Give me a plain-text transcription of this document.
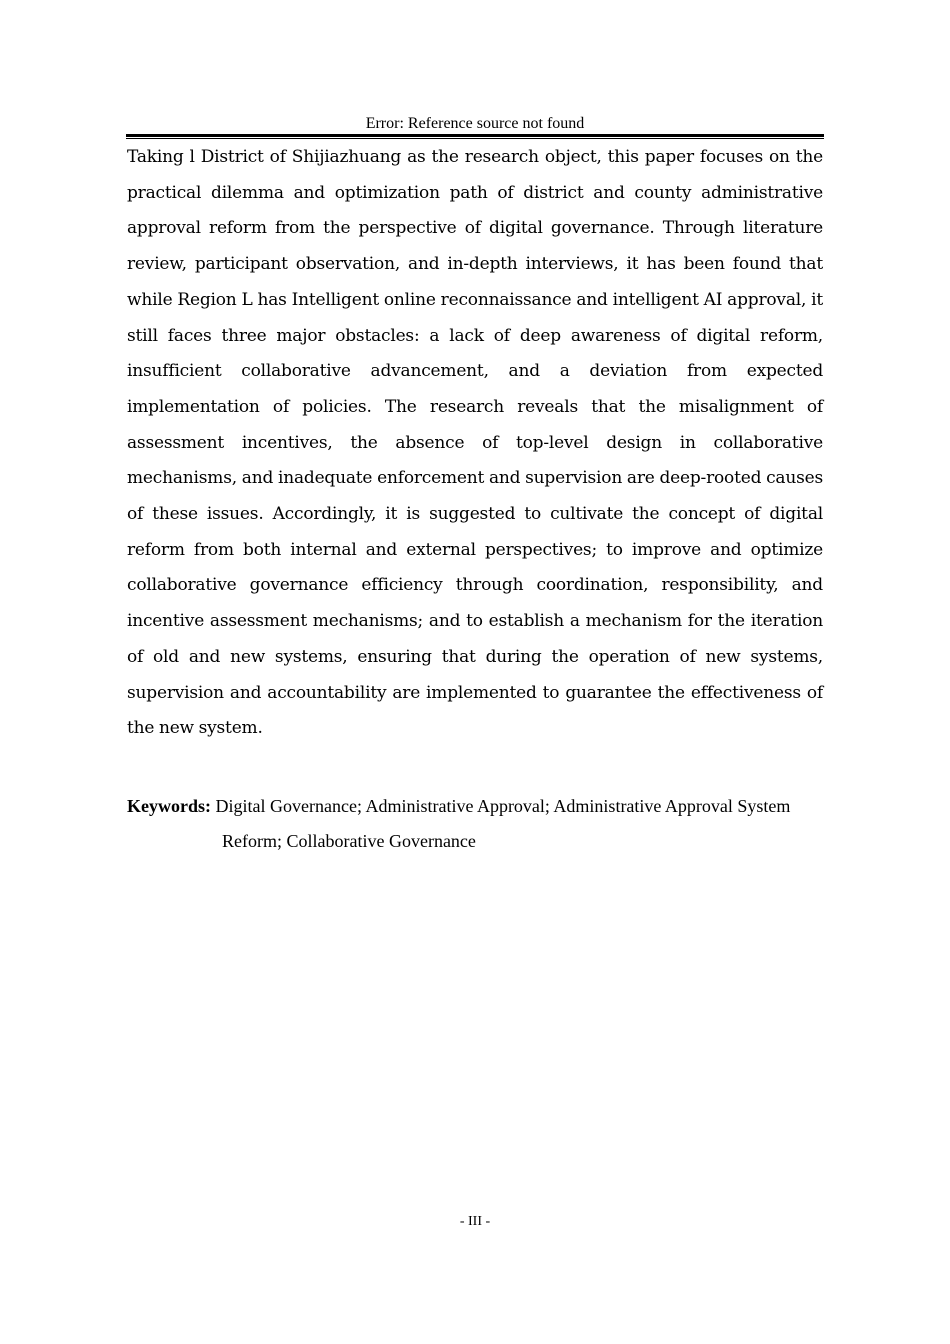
Error: Reference source not found

Taking l District of Shijiazhuang as the research object, this paper focuses on the practical dilemma and optimization path of district and county administrative approval reform from the perspective of digital governance. Through literature review, participant observation, and in-depth interviews, it has been found that while Region L has Intelligent online reconnaissance and intelligent AI approval, it still faces three major obstacles: a lack of deep awareness of digital reform, insufficient collaborative advancement, and a deviation from expected implementation of policies. The research reveals that the misalignment of assessment incentives, the absence of top-level design in collaborative mechanisms, and inadequate enforcement and supervision are deep-rooted causes of these issues. Accordingly, it is suggested to cultivate the concept of digital reform from both internal and external perspectives; to improve and optimize collaborative governance efficiency through coordination, responsibility, and incentive assessment mechanisms; and to establish a mechanism for the iteration of old and new systems, ensuring that during the operation of new systems, supervision and accountability are implemented to guarantee the effectiveness of the new system.

Keywords: Digital Governance; Administrative Approval; Administrative Approval System Reform; Collaborative Governance

- III -
